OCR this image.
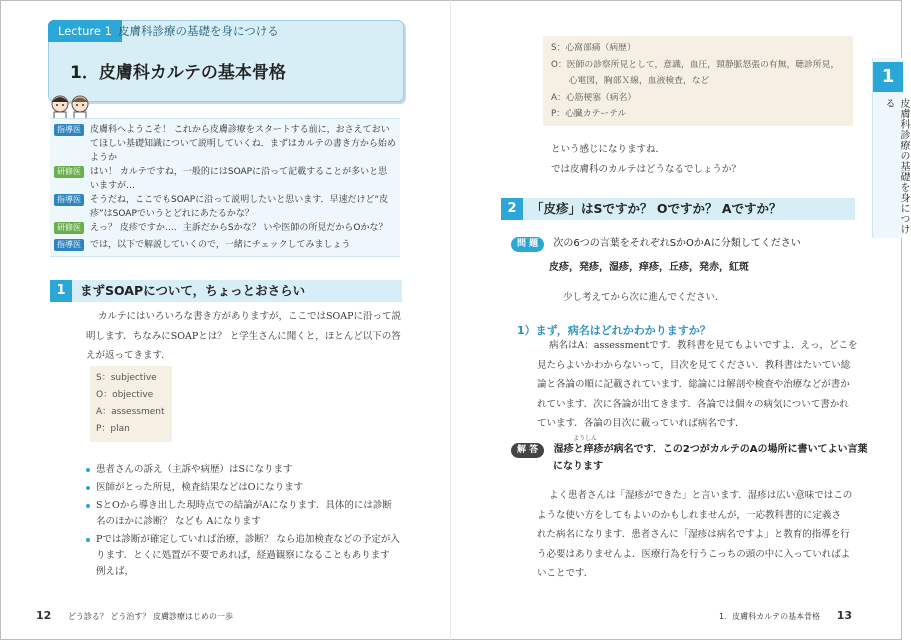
Lecture 1 皮膚科診療の基礎を身につける
1．皮膚科カルテの基本骨格
指導医 皮膚科へようこそ！ これから皮膚診療をスタートする前に，おさえておい
てほしい基礎知識について説明していくね．まずはカルテの書き方から始め
ようか
研修医 はい！ カルテですね，一般的にはSOAPに沿って記載することが多いと思
いますが…
指導医 そうだね，ここでもSOAPに沿って説明したいと思います．早速だけど“皮
疹”はSOAPでいうとどれにあたるかな？
研修医 えっ？ 皮疹ですか…．主訴だからSかな？ いや医師の所見だからOかな？
指導医 では，以下で解説していくので，一緒にチェックしてみましょう
1	まずSOAPについて，ちょっとおさらい
カルテにはいろいろな書き方がありますが，ここではSOAPに沿って説
明します．ちなみにSOAPとは？ と学生さんに聞くと，ほとんど以下の答
えが返ってきます．
S：subjective
O：objective
A：assessment
P：plan
患者さんの訴え（主訴や病歴）はSになります
医師がとった所見，検査結果などはOになります
SとOから導き出した現時点での結論がAになります．具体的には診断
名のほかに診断？ なども Aになります
Pでは診断が確定していれば治療，診断？ なら追加検査などの予定が入
ります．とくに処置が不要であれば，経過観察になることもあります
例えば，
12 どう診る？ どう治す？ 皮膚診療はじめの一歩
S：心窩部痛（病歴）
O：医師の診察所見として，意識，血圧，頸静脈怒張の有無，聴診所見，
　　心電図，胸部Ｘ線，血液検査，など
A：心筋梗塞（病名）
P：心臓カテーテル
という感じになりますね．
では皮膚科のカルテはどうなるでしょうか？
2	「皮疹」はSですか？ Oですか？ Aですか？
問 題 次の6つの言葉をそれぞれSかOかAに分類してください
皮疹，発疹，湿疹，痒疹，丘疹，発赤，紅斑
少し考えてから次に進んでください．
1）まず，病名はどれかわかりますか？
病名はA：assessmentです．教科書を見てもよいですよ．えっ，どこを
見たらよいかわからないって，目次を見てください．教科書はたいてい総
論と各論の順に記載されています．総論には解剖や検査や治療などが書か
れています．次に各論が出てきます．各論では個々の病気について書かれ
ています．各論の目次に載っていれば病名です．
ようしん
解 答 湿疹と痒疹が病名です．この2つがカルテのAの場所に書いてよい言葉
になります
よく患者さんは「湿疹ができた」と言います．湿疹は広い意味ではこの
ような使い方をしてもよいのかもしれませんが，一応教科書的に定義さ
れた病名になります．患者さんに「湿疹は病名ですよ」と教育的指導を行
う必要はありませんよ．医療行為を行うこっちの頭の中に入っていればよ
いことです．
1．皮膚科カルテの基本骨格 13
1
皮膚科診療の基礎を身につける
